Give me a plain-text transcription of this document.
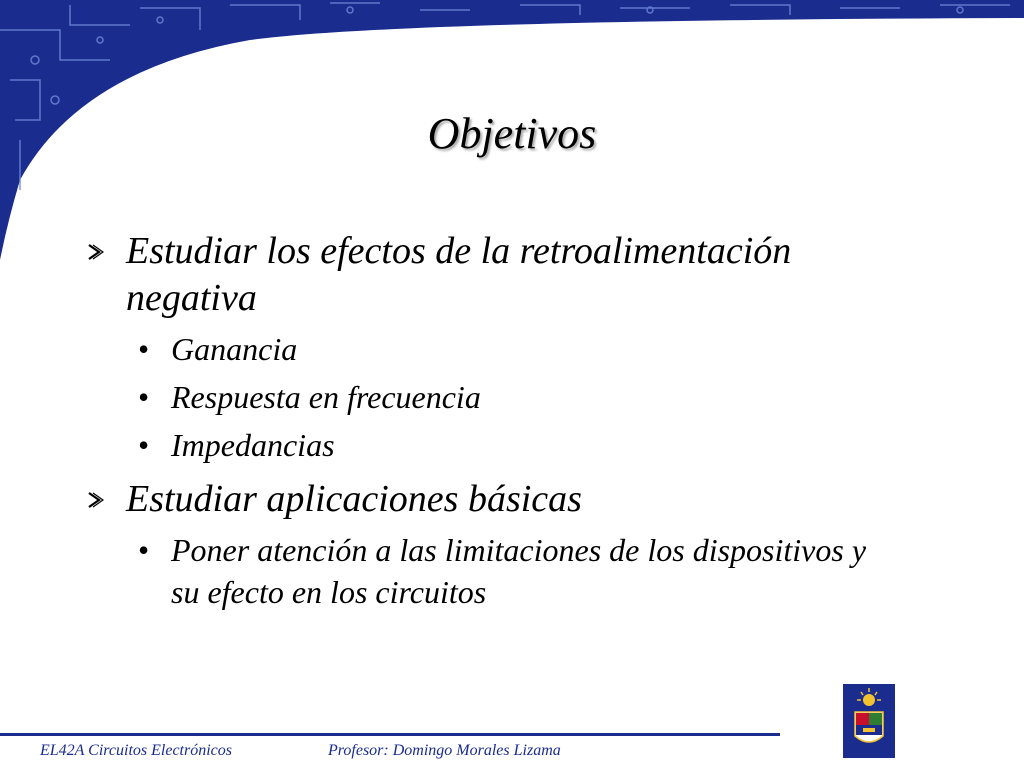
Objetivos
Estudiar los efectos de la retroalimentación negativa
• Ganancia
• Respuesta en frecuencia
• Impedancias
Estudiar aplicaciones básicas
• Poner atención a las limitaciones de los dispositivos y su efecto en los circuitos
EL42A Circuitos Electrónicos	Profesor: Domingo Morales Lizama
